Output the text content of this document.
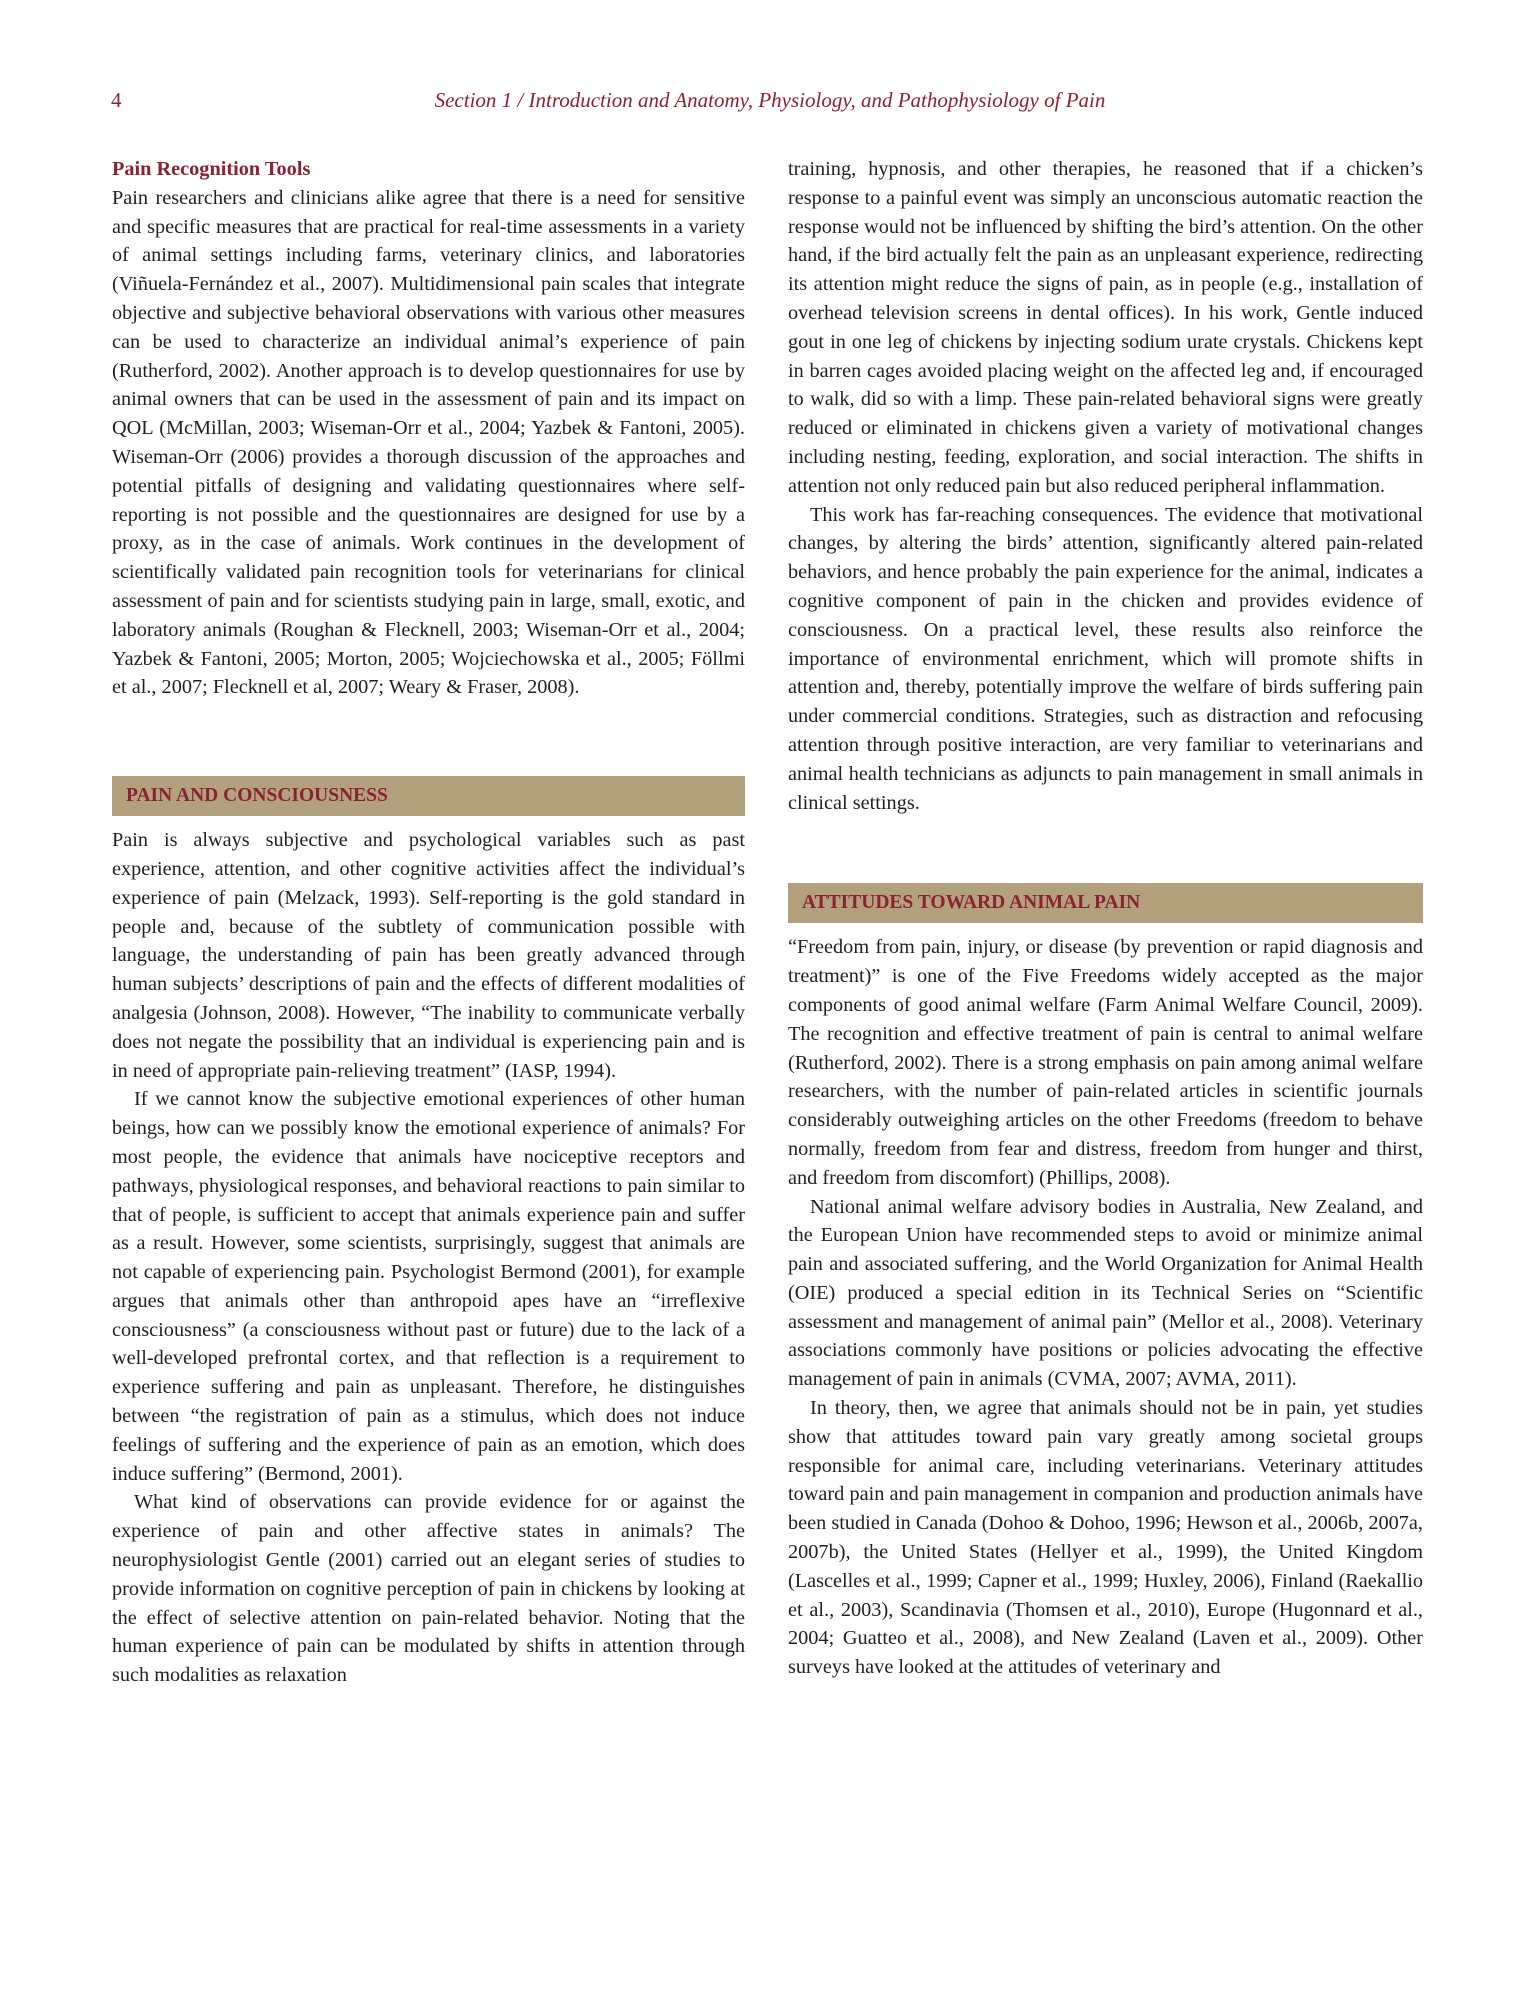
4	Section 1 / Introduction and Anatomy, Physiology, and Pathophysiology of Pain
Pain Recognition Tools

Pain researchers and clinicians alike agree that there is a need for sensitive and specific measures that are practical for real-time assessments in a variety of animal settings including farms, veterinary clinics, and laboratories (Viñuela-Fernández et al., 2007). Multidimensional pain scales that integrate objective and subjective behavioral observations with various other measures can be used to characterize an individual animal’s experience of pain (Rutherford, 2002). Another approach is to develop questionnaires for use by animal owners that can be used in the assessment of pain and its impact on QOL (McMillan, 2003; Wiseman-Orr et al., 2004; Yazbek & Fantoni, 2005). Wiseman-Orr (2006) provides a thorough discussion of the approaches and potential pitfalls of designing and validating questionnaires where self-reporting is not possible and the questionnaires are designed for use by a proxy, as in the case of animals. Work continues in the development of scientifically validated pain recognition tools for veterinarians for clinical assessment of pain and for scientists studying pain in large, small, exotic, and laboratory animals (Roughan & Flecknell, 2003; Wiseman-Orr et al., 2004; Yazbek & Fantoni, 2005; Morton, 2005; Wojciechowska et al., 2005; Föllmi et al., 2007; Flecknell et al, 2007; Weary & Fraser, 2008).

PAIN AND CONSCIOUSNESS

Pain is always subjective and psychological variables such as past experience, attention, and other cognitive activities affect the individual’s experience of pain (Melzack, 1993). Self-reporting is the gold standard in people and, because of the subtlety of communication possible with language, the understanding of pain has been greatly advanced through human subjects’ descriptions of pain and the effects of different modalities of analgesia (Johnson, 2008). However, “The inability to communicate verbally does not negate the possibility that an individual is experiencing pain and is in need of appropriate pain-relieving treatment” (IASP, 1994).

If we cannot know the subjective emotional experiences of other human beings, how can we possibly know the emotional experience of animals? For most people, the evidence that animals have nociceptive receptors and pathways, physiological responses, and behavioral reactions to pain similar to that of people, is sufficient to accept that animals experience pain and suffer as a result. However, some scientists, surprisingly, suggest that animals are not capable of experiencing pain. Psychologist Bermond (2001), for example argues that animals other than anthropoid apes have an “irreflexive consciousness” (a consciousness without past or future) due to the lack of a well-developed prefrontal cortex, and that reflection is a requirement to experience suffering and pain as unpleasant. Therefore, he distinguishes between “the registration of pain as a stimulus, which does not induce feelings of suffering and the experience of pain as an emotion, which does induce suffering” (Bermond, 2001).

What kind of observations can provide evidence for or against the experience of pain and other affective states in animals? The neurophysiologist Gentle (2001) carried out an elegant series of studies to provide information on cognitive perception of pain in chickens by looking at the effect of selective attention on pain-related behavior. Noting that the human experience of pain can be modulated by shifts in attention through such modalities as relaxation

training, hypnosis, and other therapies, he reasoned that if a chicken’s response to a painful event was simply an unconscious automatic reaction the response would not be influenced by shifting the bird’s attention. On the other hand, if the bird actually felt the pain as an unpleasant experience, redirecting its attention might reduce the signs of pain, as in people (e.g., installation of overhead television screens in dental offices). In his work, Gentle induced gout in one leg of chickens by injecting sodium urate crystals. Chickens kept in barren cages avoided placing weight on the affected leg and, if encouraged to walk, did so with a limp. These pain-related behavioral signs were greatly reduced or eliminated in chickens given a variety of motivational changes including nesting, feeding, exploration, and social interaction. The shifts in attention not only reduced pain but also reduced peripheral inflammation.

This work has far-reaching consequences. The evidence that motivational changes, by altering the birds’ attention, significantly altered pain-related behaviors, and hence probably the pain experience for the animal, indicates a cognitive component of pain in the chicken and provides evidence of consciousness. On a practical level, these results also reinforce the importance of environmental enrichment, which will promote shifts in attention and, thereby, potentially improve the welfare of birds suffering pain under commercial conditions. Strategies, such as distraction and refocusing attention through positive interaction, are very familiar to veterinarians and animal health technicians as adjuncts to pain management in small animals in clinical settings.

ATTITUDES TOWARD ANIMAL PAIN

“Freedom from pain, injury, or disease (by prevention or rapid diagnosis and treatment)” is one of the Five Freedoms widely accepted as the major components of good animal welfare (Farm Animal Welfare Council, 2009). The recognition and effective treatment of pain is central to animal welfare (Rutherford, 2002). There is a strong emphasis on pain among animal welfare researchers, with the number of pain-related articles in scientific journals considerably outweighing articles on the other Freedoms (freedom to behave normally, freedom from fear and distress, freedom from hunger and thirst, and freedom from discomfort) (Phillips, 2008).

National animal welfare advisory bodies in Australia, New Zealand, and the European Union have recommended steps to avoid or minimize animal pain and associated suffering, and the World Organization for Animal Health (OIE) produced a special edition in its Technical Series on “Scientific assessment and management of animal pain” (Mellor et al., 2008). Veterinary associations commonly have positions or policies advocating the effective management of pain in animals (CVMA, 2007; AVMA, 2011).

In theory, then, we agree that animals should not be in pain, yet studies show that attitudes toward pain vary greatly among societal groups responsible for animal care, including veterinarians. Veterinary attitudes toward pain and pain management in companion and production animals have been studied in Canada (Dohoo & Dohoo, 1996; Hewson et al., 2006b, 2007a, 2007b), the United States (Hellyer et al., 1999), the United Kingdom (Lascelles et al., 1999; Capner et al., 1999; Huxley, 2006), Finland (Raekallio et al., 2003), Scandinavia (Thomsen et al., 2010), Europe (Hugonnard et al., 2004; Guatteo et al., 2008), and New Zealand (Laven et al., 2009). Other surveys have looked at the attitudes of veterinary and
